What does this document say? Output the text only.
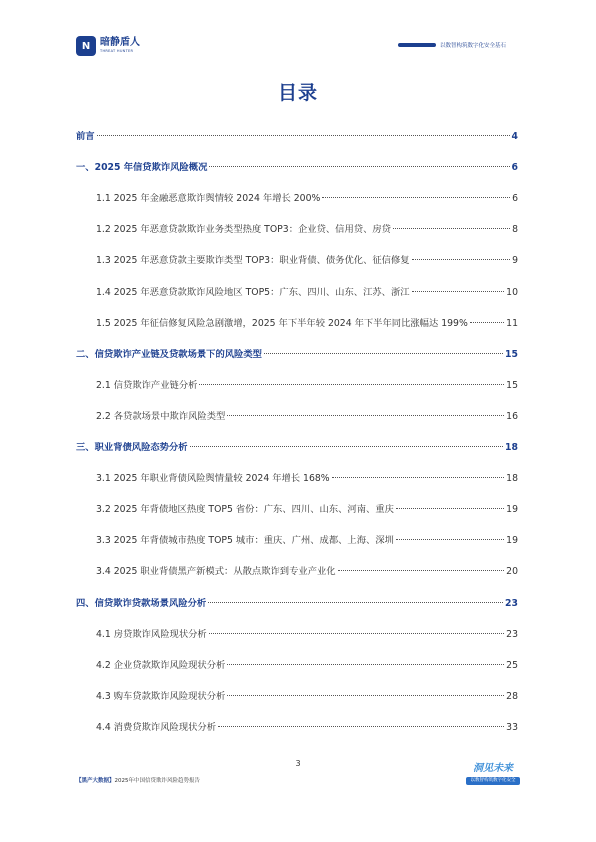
N 暗静盾人
THREAT HUNTER
以数智构筑数字化安全基石
目录
前言	4
一、2025 年信贷欺诈风险概况	6
1.1 2025 年金融恶意欺诈舆情较 2024 年增长 200%	6
1.2 2025 年恶意贷款欺诈业务类型热度 TOP3：企业贷、信用贷、房贷	8
1.3 2025 年恶意贷款主要欺诈类型 TOP3：职业背债、债务优化、征信修复	9
1.4 2025 年恶意贷款欺诈风险地区 TOP5：广东、四川、山东、江苏、浙江	10
1.5 2025 年征信修复风险急剧激增，2025 年下半年较 2024 年下半年同比涨幅达 199%	11
二、信贷欺诈产业链及贷款场景下的风险类型	15
2.1 信贷欺诈产业链分析	15
2.2 各贷款场景中欺诈风险类型	16
三、职业背债风险态势分析	18
3.1 2025 年职业背债风险舆情量较 2024 年增长 168%	18
3.2 2025 年背债地区热度 TOP5 省份：广东、四川、山东、河南、重庆	19
3.3 2025 年背债城市热度 TOP5 城市：重庆、广州、成都、上海、深圳	19
3.4 2025 职业背债黑产新模式：从散点欺诈到专业产业化	20
四、信贷欺诈贷款场景风险分析	23
4.1 房贷欺诈风险现状分析	23
4.2 企业贷款欺诈风险现状分析	25
4.3 购车贷款欺诈风险现状分析	28
4.4 消费贷欺诈风险现状分析	33
3
【黑产大数据】2025年中国信贷欺诈风险趋势报告
洞见未来
以数智构筑数字化安全
